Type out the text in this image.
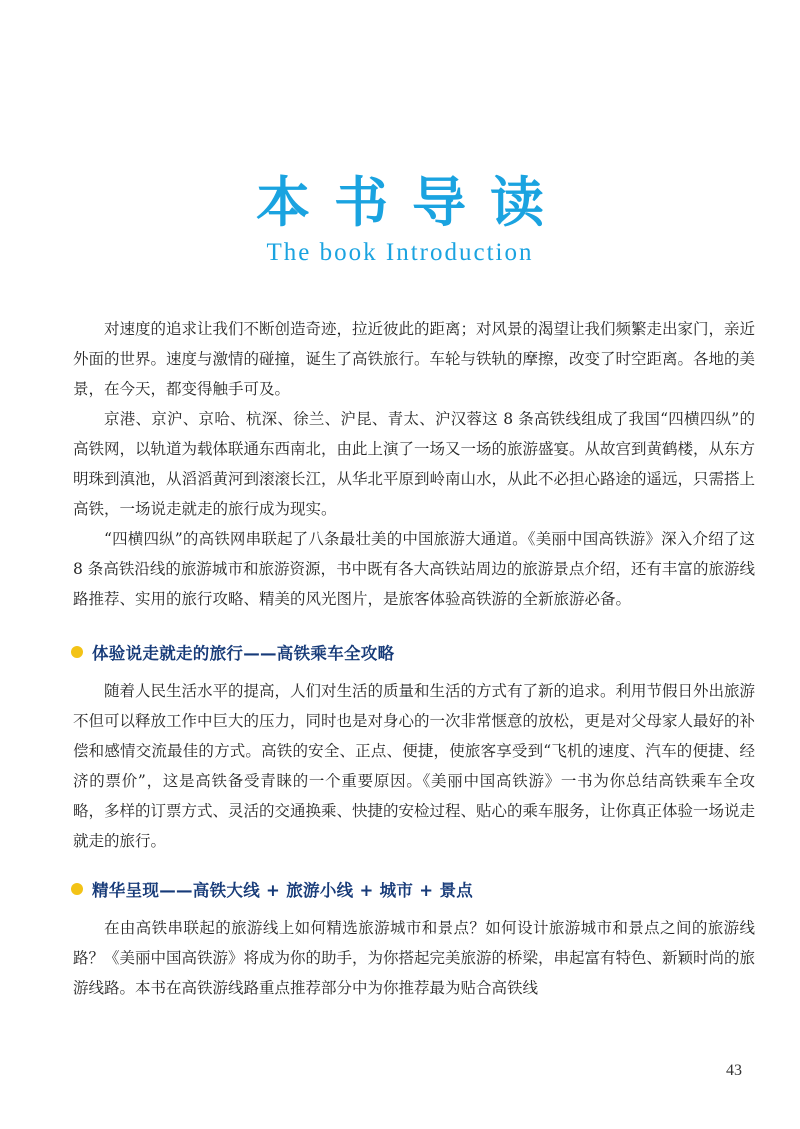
本书导读
The book Introduction

对速度的追求让我们不断创造奇迹，拉近彼此的距离；对风景的渴望让我们频繁走出家门，亲近外面的世界。速度与激情的碰撞，诞生了高铁旅行。车轮与铁轨的摩擦，改变了时空距离。各地的美景，在今天，都变得触手可及。

京港、京沪、京哈、杭深、徐兰、沪昆、青太、沪汉蓉这 8 条高铁线组成了我国“四横四纵”的高铁网，以轨道为载体联通东西南北，由此上演了一场又一场的旅游盛宴。从故宫到黄鹤楼，从东方明珠到滇池，从滔滔黄河到滚滚长江，从华北平原到岭南山水，从此不必担心路途的遥远，只需搭上高铁，一场说走就走的旅行成为现实。

“四横四纵”的高铁网串联起了八条最壮美的中国旅游大通道。《美丽中国高铁游》深入介绍了这 8 条高铁沿线的旅游城市和旅游资源，书中既有各大高铁站周边的旅游景点介绍，还有丰富的旅游线路推荐、实用的旅行攻略、精美的风光图片，是旅客体验高铁游的全新旅游必备。

体验说走就走的旅行——高铁乘车全攻略

随着人民生活水平的提高，人们对生活的质量和生活的方式有了新的追求。利用节假日外出旅游不但可以释放工作中巨大的压力，同时也是对身心的一次非常惬意的放松，更是对父母家人最好的补偿和感情交流最佳的方式。高铁的安全、正点、便捷，使旅客享受到“飞机的速度、汽车的便捷、经济的票价”，这是高铁备受青睐的一个重要原因。《美丽中国高铁游》一书为你总结高铁乘车全攻略，多样的订票方式、灵活的交通换乘、快捷的安检过程、贴心的乘车服务，让你真正体验一场说走就走的旅行。

精华呈现——高铁大线 + 旅游小线 + 城市 + 景点

在由高铁串联起的旅游线上如何精选旅游城市和景点？如何设计旅游城市和景点之间的旅游线路？《美丽中国高铁游》将成为你的助手，为你搭起完美旅游的桥梁，串起富有特色、新颖时尚的旅游线路。本书在高铁游线路重点推荐部分中为你推荐最为贴合高铁线

43
